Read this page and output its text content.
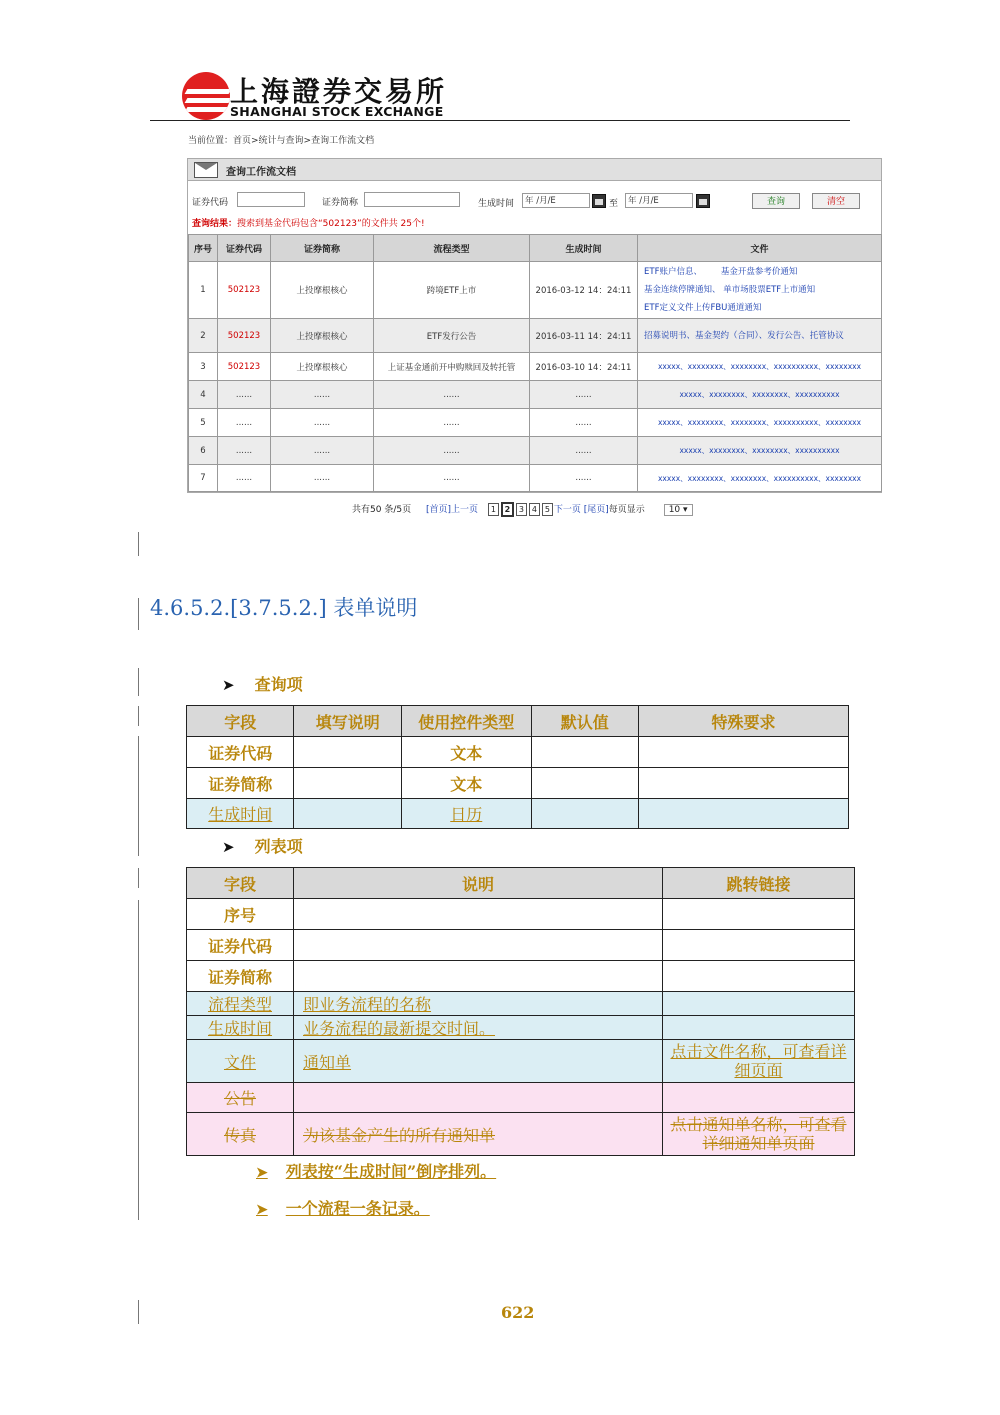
上海證券交易所
SHANGHAI STOCK EXCHANGE
当前位置：首页>统计与查询>查询工作流文档
查询工作流文档
证券代码	证券简称	生成时间	年 /月/E	至	年 /月/E	查询	清空
查询结果：搜索到基金代码包含“502123”的文件共 25个!
序号	证券代码	证券简称	流程类型	生成时间	文件
1	502123	上投摩根核心	跨境ETF上市	2016-03-12 14：24:11	ETF账户信息、       基金开盘参考价通知
基金连续停牌通知、 单市场股票ETF上市通知
ETF定义文件上传FBU通道通知

2	502123	上投摩根核心	ETF发行公告	2016-03-11 14：24:11	招募说明书、基金契约（合同）、发行公告、托管协议
3	502123	上投摩根核心	上证基金通前开申购赎回及转托管	2016-03-10 14：24:11	xxxxx、xxxxxxxx、xxxxxxxx、xxxxxxxxxx、xxxxxxxx
4	......	......	......	......	xxxxx、xxxxxxxx、xxxxxxxx、xxxxxxxxxx
5	......	......	......	......	xxxxx、xxxxxxxx、xxxxxxxx、xxxxxxxxxx、xxxxxxxx
6	......	......	......	......	xxxxx、xxxxxxxx、xxxxxxxx、xxxxxxxxxx
7	......	......	......	......	xxxxx、xxxxxxxx、xxxxxxxx、xxxxxxxxxx、xxxxxxxx
共有50 条/5页 [首页]上一页 1 2 3 4 5 下一页 [尾页]每页显示	10 ▾
4.6.5.2.[3.7.5.2.] 表单说明
➤ 查询项
字段	填写说明	使用控件类型	默认值	特殊要求
证券代码		文本		
证券简称		文本		
生成时间		日历		
➤ 列表项
字段	说明	跳转链接
序号		
证券代码		
证券简称		
流程类型	即业务流程的名称	
生成时间	业务流程的最新提交时间。	
文件	通知单	点击文件名称，可查看详细页面
公告		
传真	为该基金产生的所有通知单	点击通知单名称，可查看详细通知单页面
➤ 列表按“生成时间”倒序排列。
➤ 一个流程一条记录。
622
